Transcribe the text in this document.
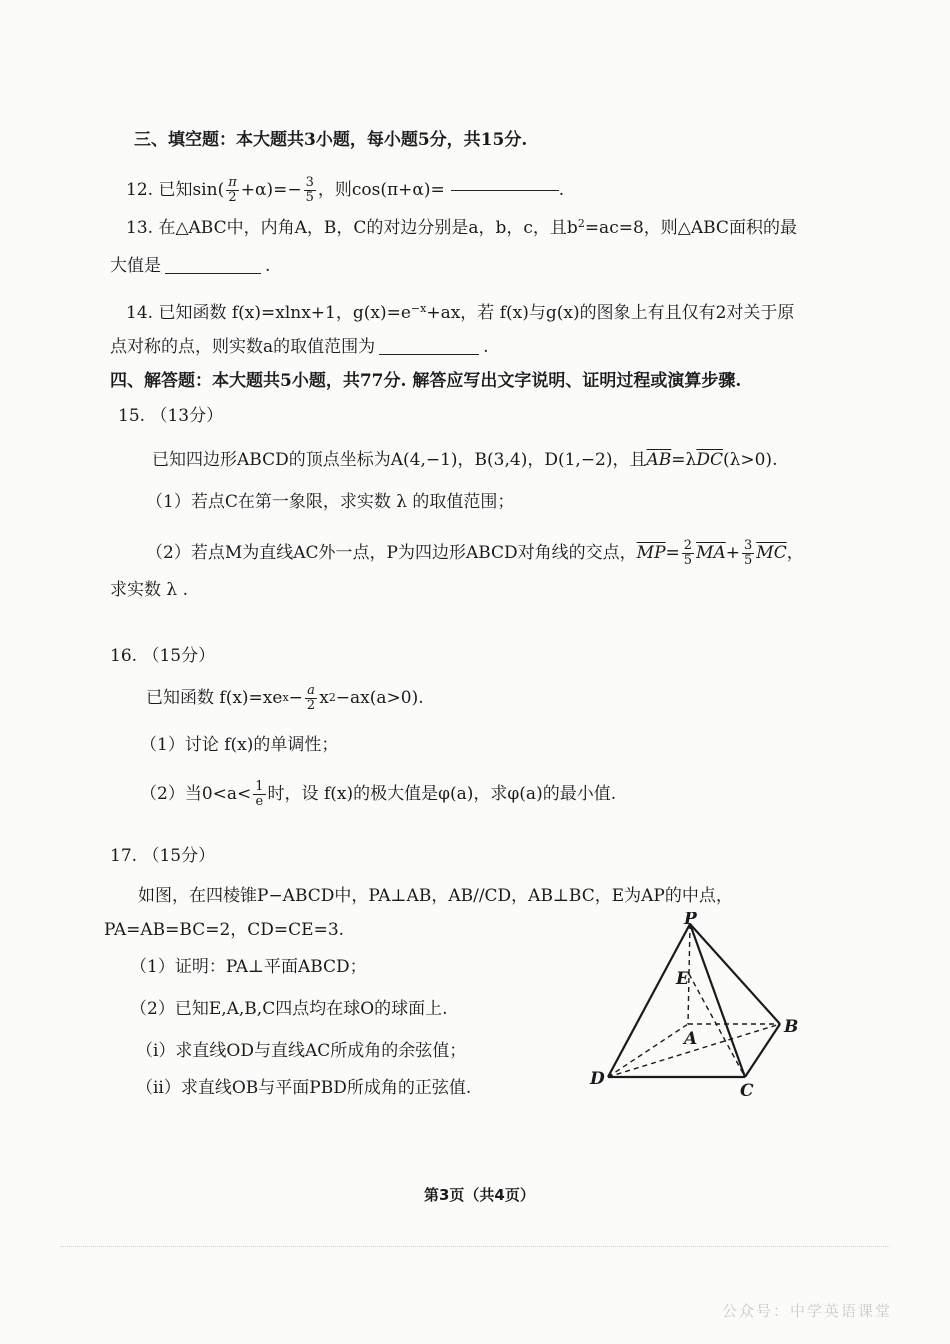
三、填空题：本大题共3小题，每小题5分，共15分.
12.
已知$\sin( \frac{\pi}{2} +\alpha)=- \frac{3}{5}$ ，则cos(π+α)=	.
13. 在△ABC中，内角A，B，C的对边分别是a，b，c，且$b^2=ac=8$，则△ABC面积的最
大值是	.
14. 已知函数 f(x)=xlnx+1，$g(x)=e^{-x}+ax$，若 f(x)与g(x)的图象上有且仅有2对关于原
点对称的点，则实数a的取值范围为	.
四、解答题：本大题共5小题，共77分. 解答应写出文字说明、证明过程或演算步骤.
15. （13分）
已知四边形ABCD的顶点坐标为A(4,−1)，B(3,4)，D(1,−2)，且$\overline{AB}=\lambda\overline{DC}(\lambda>0)$.
（1）若点C在第一象限，求实数 λ 的取值范围；
（2）若点M为直线AC外一点，P为四边形ABCD对角线的交点， $\overline{MP} = \frac{2}{5} \overline{MA} + \frac{3}{5} \overline{MC}$ ，
求实数 λ .
16. （15分）
已知函数 f(x)=xe $x - \frac{a}{2}$ x 2 −ax(a>0).
（1）讨论 f(x)的单调性；
（2）当$0<a< \frac{1}{e}$ 时，设 f(x)的极大值是φ(a)，求φ(a)的最小值.
17. （15分）
如图，在四棱锥P−ABCD中，PA⊥AB，AB//CD，AB⊥BC，E为AP的中点，
PA=AB=BC=2，CD=CE=3.
（1）证明：PA⊥平面ABCD；
（2）已知E,A,B,C四点均在球O的球面上.
（i）求直线OD与直线AC所成角的余弦值；
（ii）求直线OB与平面PBD所成角的正弦值.
P
E
A
B
C
D
第3页（共4页）
公众号：中学英语课堂
